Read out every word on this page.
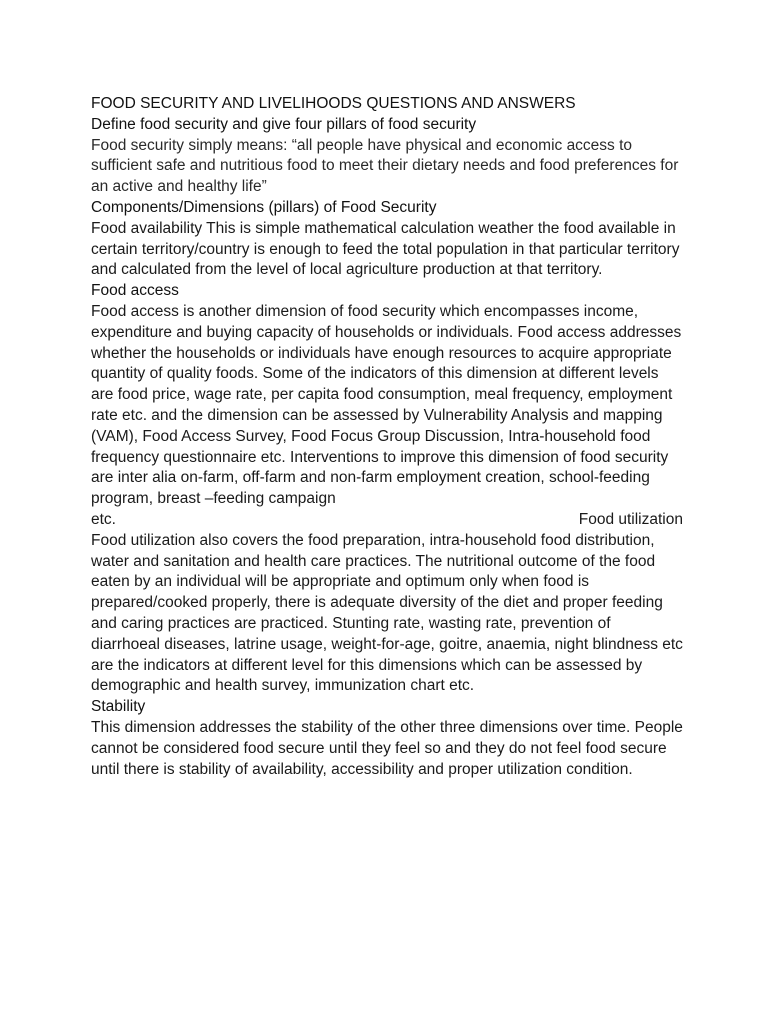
FOOD SECURITY AND LIVELIHOODS QUESTIONS AND ANSWERS

Define food security and give four pillars of food security

Food security simply means: “all people have physical and economic access to sufficient safe and nutritious food to meet their dietary needs and food preferences for an active and healthy life”

Components/Dimensions (pillars) of Food Security

Food availability This is simple mathematical calculation weather the food available in certain territory/country is enough to feed the total population in that particular territory and calculated from the level of local agriculture production at that territory.

Food access

Food access is another dimension of food security which encompasses income, expenditure and buying capacity of households or individuals. Food access addresses whether the households or individuals have enough resources to acquire appropriate quantity of quality foods. Some of the indicators of this dimension at different levels are food price, wage rate, per capita food consumption, meal frequency, employment rate etc. and the dimension can be assessed by Vulnerability Analysis and mapping (VAM), Food Access Survey, Food Focus Group Discussion, Intra-household food frequency questionnaire etc. Interventions to improve this dimension of food security are inter alia on-farm, off-farm and non-farm employment creation, school-feeding program, breast –feeding campaign

etc.	Food utilization

Food utilization also covers the food preparation, intra-household food distribution, water and sanitation and health care practices. The nutritional outcome of the food eaten by an individual will be appropriate and optimum only when food is prepared/cooked properly, there is adequate diversity of the diet and proper feeding and caring practices are practiced. Stunting rate, wasting rate, prevention of diarrhoeal diseases, latrine usage, weight-for-age, goitre, anaemia, night blindness etc are the indicators at different level for this dimensions which can be assessed by demographic and health survey, immunization chart etc.

Stability

This dimension addresses the stability of the other three dimensions over time. People cannot be considered food secure until they feel so and they do not feel food secure until there is stability of availability, accessibility and proper utilization condition.
